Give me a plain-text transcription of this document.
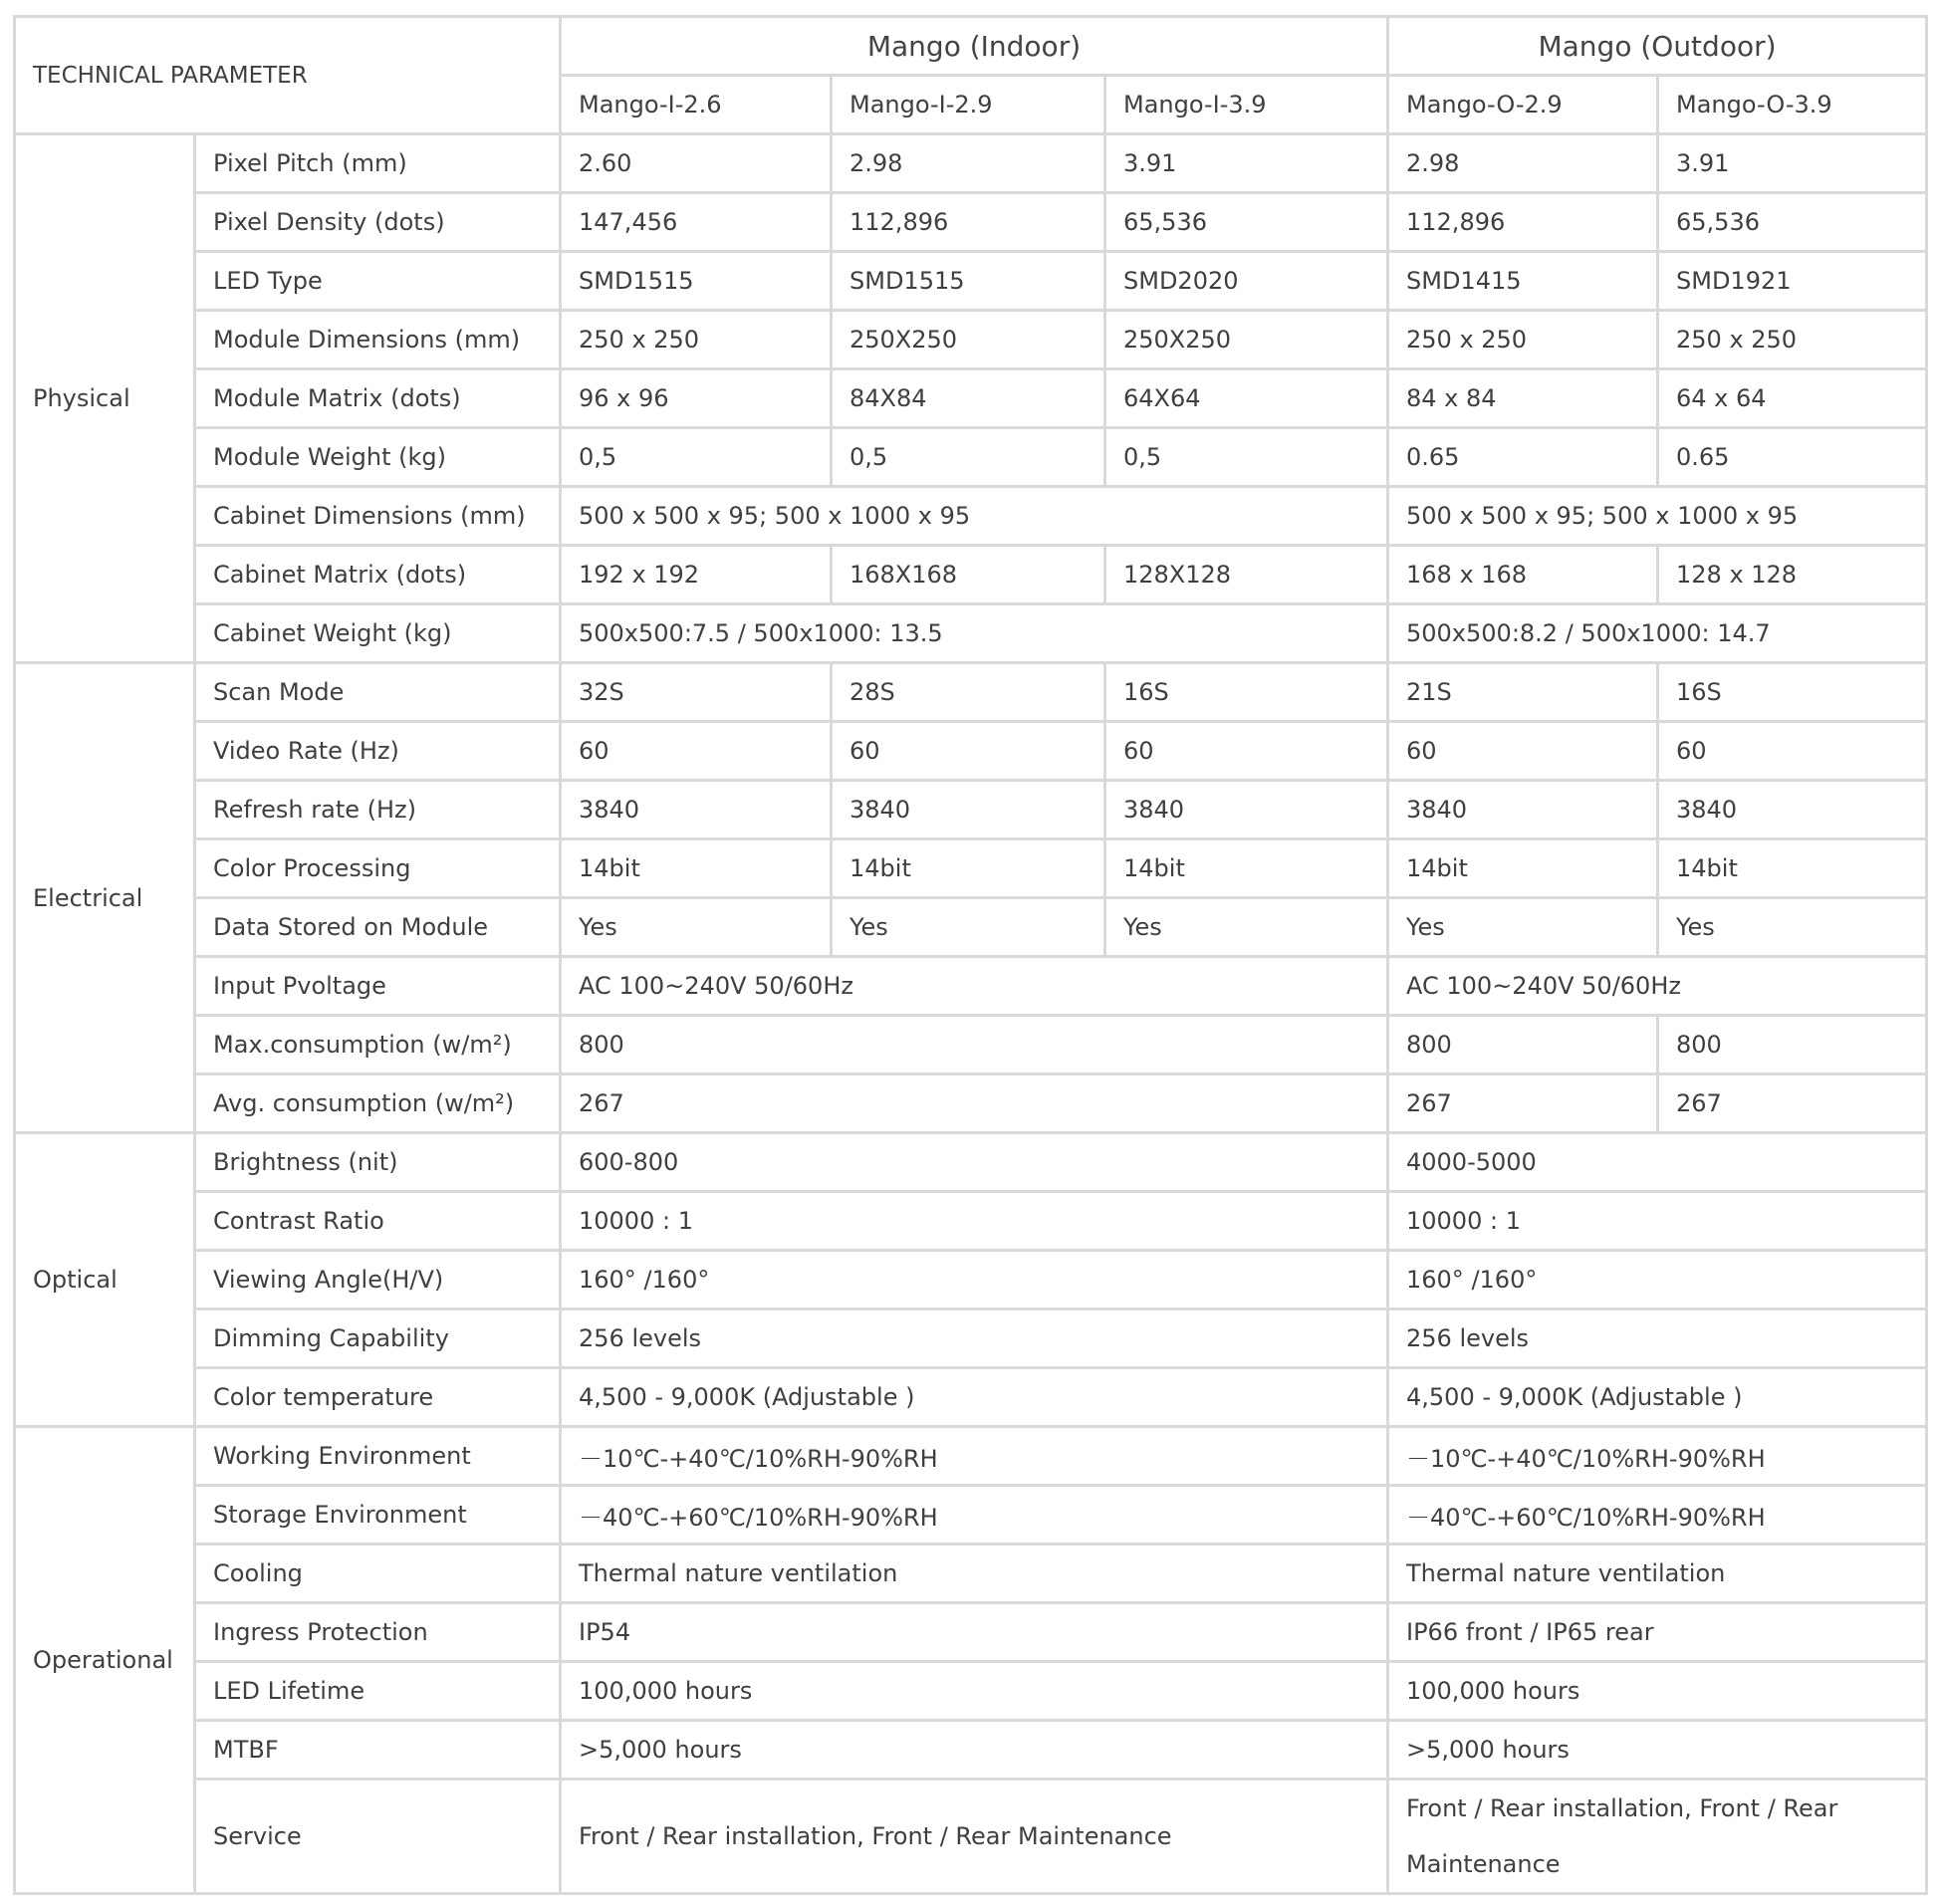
TECHNICAL PARAMETER		Mango (Indoor)			Mango (Outdoor)	
		Mango-I-2.6	Mango-I-2.9	Mango-I-3.9	Mango-O-2.9	Mango-O-3.9
Physical	Pixel Pitch (mm)	2.60	2.98	3.91	2.98	3.91
	Pixel Density (dots)	147,456	112,896	65,536	112,896	65,536
	LED Type	SMD1515	SMD1515	SMD2020	SMD1415	SMD1921
	Module Dimensions (mm)	250 x 250	250X250	250X250	250 x 250	250 x 250
	Module Matrix (dots)	96 x 96	84X84	64X64	84 x 84	64 x 64
	Module Weight (kg)	0,5	0,5	0,5	0.65	0.65
	Cabinet Dimensions (mm)	500 x 500 x 95; 500 x 1000 x 95			500 x 500 x 95; 500 x 1000 x 95	
	Cabinet Matrix (dots)	192 x 192	168X168	128X128	168 x 168	128 x 128
	Cabinet Weight (kg)	500x500:7.5 / 500x1000: 13.5			500x500:8.2 / 500x1000: 14.7	
Electrical	Scan Mode	32S	28S	16S	21S	16S
	Video Rate (Hz)	60	60	60	60	60
	Refresh rate (Hz)	3840	3840	3840	3840	3840
	Color Processing	14bit	14bit	14bit	14bit	14bit
	Data Stored on Module	Yes	Yes	Yes	Yes	Yes
	Input Pvoltage	AC 100~240V 50/60Hz			AC 100~240V 50/60Hz	
	Max.consumption (w/m²)	800			800	800
	Avg. consumption (w/m²)	267			267	267
Optical	Brightness (nit)	600-800			4000-5000	
	Contrast Ratio	10000 : 1			10000 : 1	
	Viewing Angle(H/V)	160° /160°			160° /160°	
	Dimming Capability	256 levels			256 levels	
	Color temperature	4,500 - 9,000K (Adjustable )			4,500 - 9,000K (Adjustable )	
Operational	Working Environment	－10℃-+40℃/10%RH-90%RH			－10℃-+40℃/10%RH-90%RH	
	Storage Environment	－40℃-+60℃/10%RH-90%RH			－40℃-+60℃/10%RH-90%RH	
	Cooling	Thermal nature ventilation			Thermal nature ventilation	
	Ingress Protection	IP54			IP66 front / IP65 rear	
	LED Lifetime	100,000 hours			100,000 hours	
	MTBF	>5,000 hours			>5,000 hours	
	Service	Front / Rear installation, Front / Rear Maintenance			Front / Rear installation, Front / Rear Maintenance	
